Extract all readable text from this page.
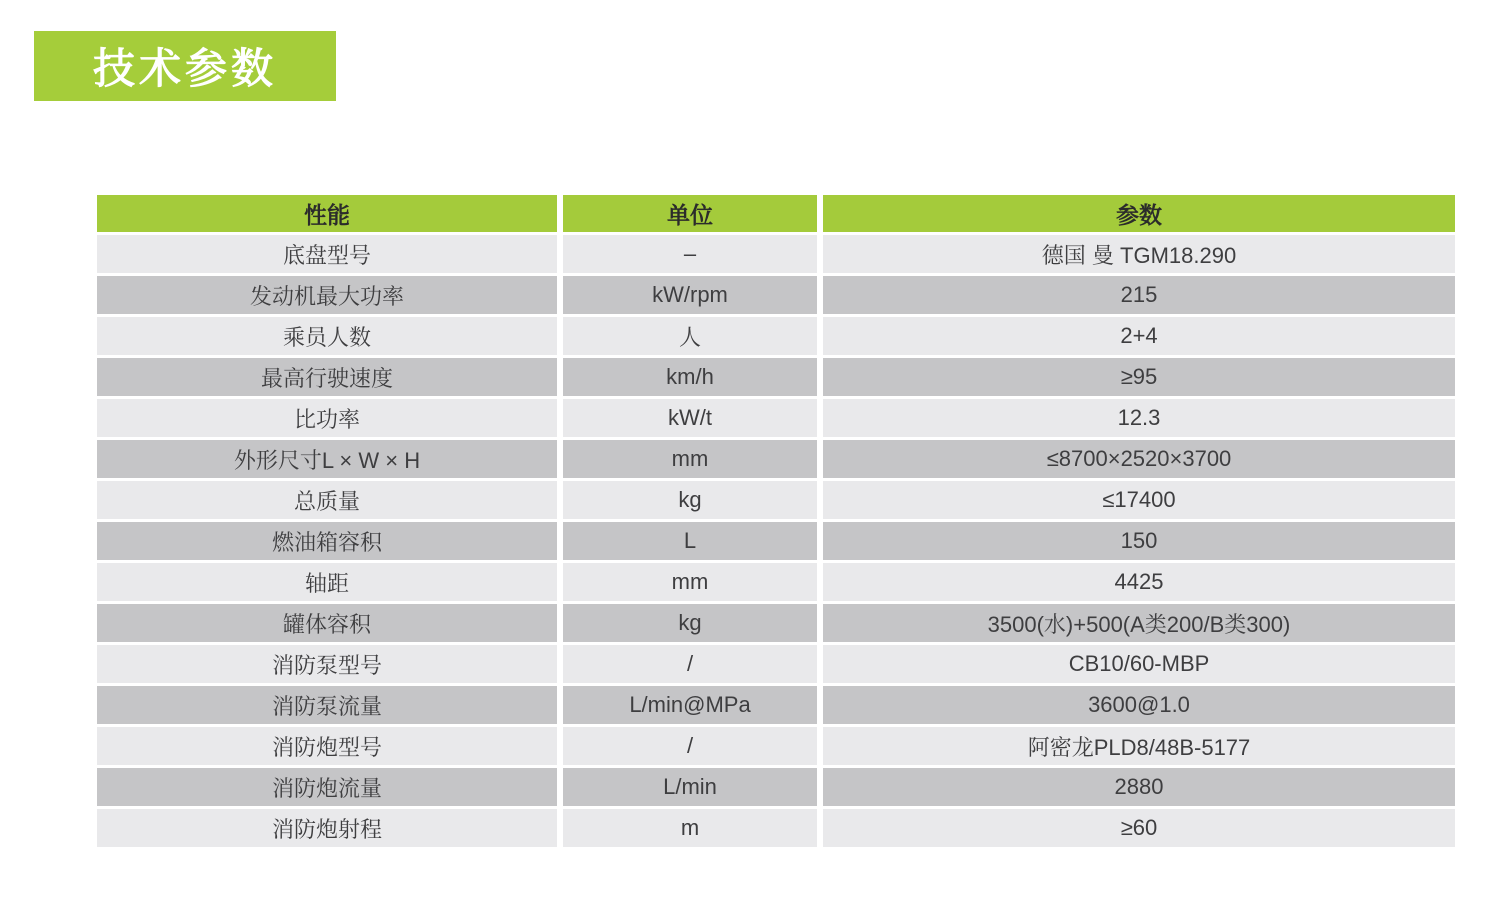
技术参数
性能	单位	参数
底盘型号	–	德国 曼 TGM18.290
发动机最大功率	kW/rpm	215
乘员人数	人	2+4
最高行驶速度	km/h	≥95
比功率	kW/t	12.3
外形尺寸L × W × H	mm	≤8700×2520×3700
总质量	kg	≤17400
燃油箱容积	L	150
轴距	mm	4425
罐体容积	kg	3500(水)+500(A类200/B类300)
消防泵型号	/	CB10/60-MBP
消防泵流量	L/min@MPa	3600@1.0
消防炮型号	/	阿密龙PLD8/48B-5177
消防炮流量	L/min	2880
消防炮射程	m	≥60
